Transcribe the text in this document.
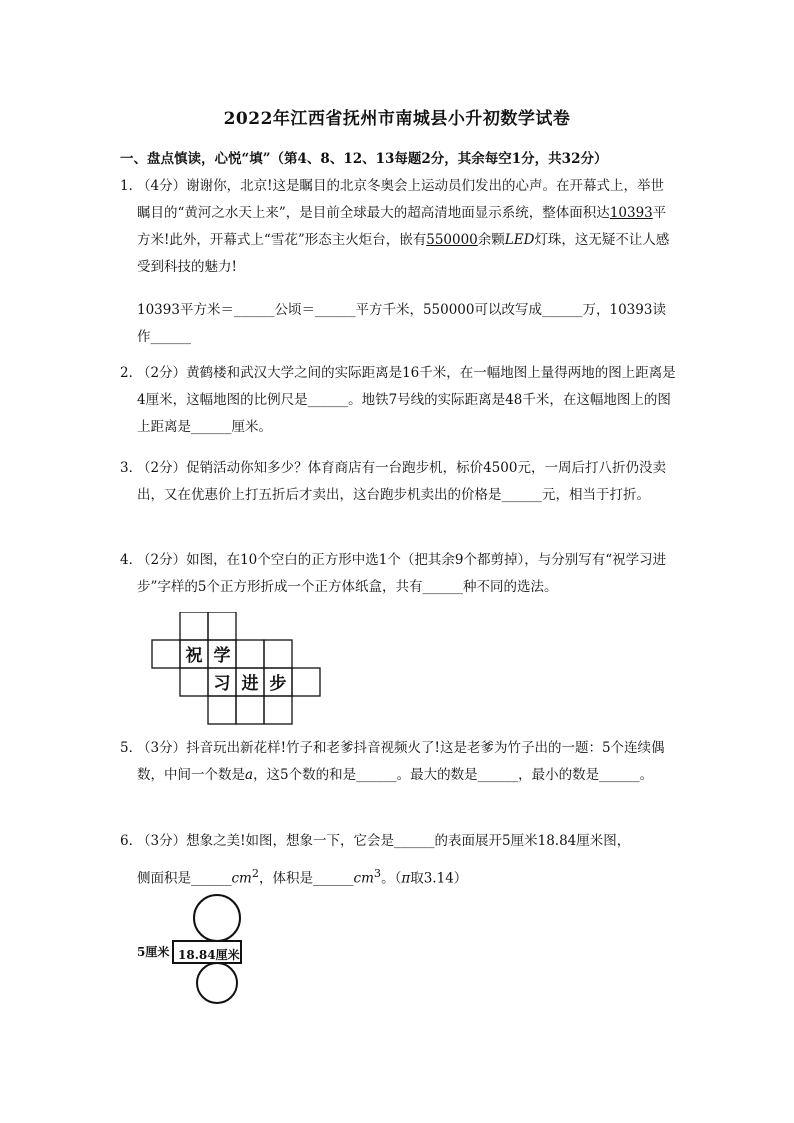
2022年江西省抚州市南城县小升初数学试卷
一、盘点慎读，心悦“填”（第4、8、12、13每题2分，其余每空1分，共32分）
1．
（4分）谢谢你，北京!这是瞩目的北京冬奥会上运动员们发出的心声。在开幕式上，举世瞩目的“黄河之水天上来”，是目前全球最大的超高清地面显示系统，整体面积达10393平方米!此外，开幕式上“雪花”形态主火炬台，嵌有550000余颗LED灯珠，这无疑不让人感受到科技的魅力!
10393平方米＝______公顷＝______平方千米，550000可以改写成______万，10393读作______
2．
（2分）黄鹤楼和武汉大学之间的实际距离是16千米，在一幅地图上量得两地的图上距离是4厘米，这幅地图的比例尺是______。地铁7号线的实际距离是48千米，在这幅地图上的图上距离是______厘米。
3．
（2分）促销活动你知多少？体育商店有一台跑步机，标价4500元，一周后打八折仍没卖出，又在优惠价上打五折后才卖出，这台跑步机卖出的价格是______元，相当于打折。
4．
（2分）如图，在10个空白的正方形中选1个（把其余9个都剪掉），与分别写有“祝学习进步”字样的5个正方形折成一个正方体纸盒，共有______种不同的选法。
祝 学
习 进 步
5．
（3分）抖音玩出新花样!竹子和老爹抖音视频火了!这是老爹为竹子出的一题：5个连续偶数，中间一个数是a，这5个数的和是______。最大的数是______，最小的数是______。
6．
（3分）想象之美!如图，想象一下，它会是______的表面展开5厘米18.84厘米图，
侧面积是$\_\_\_\_\_\_cm^2$，体积是$\_\_\_\_\_\_cm^3$。（π取3.14）
5厘米 18.84厘米
